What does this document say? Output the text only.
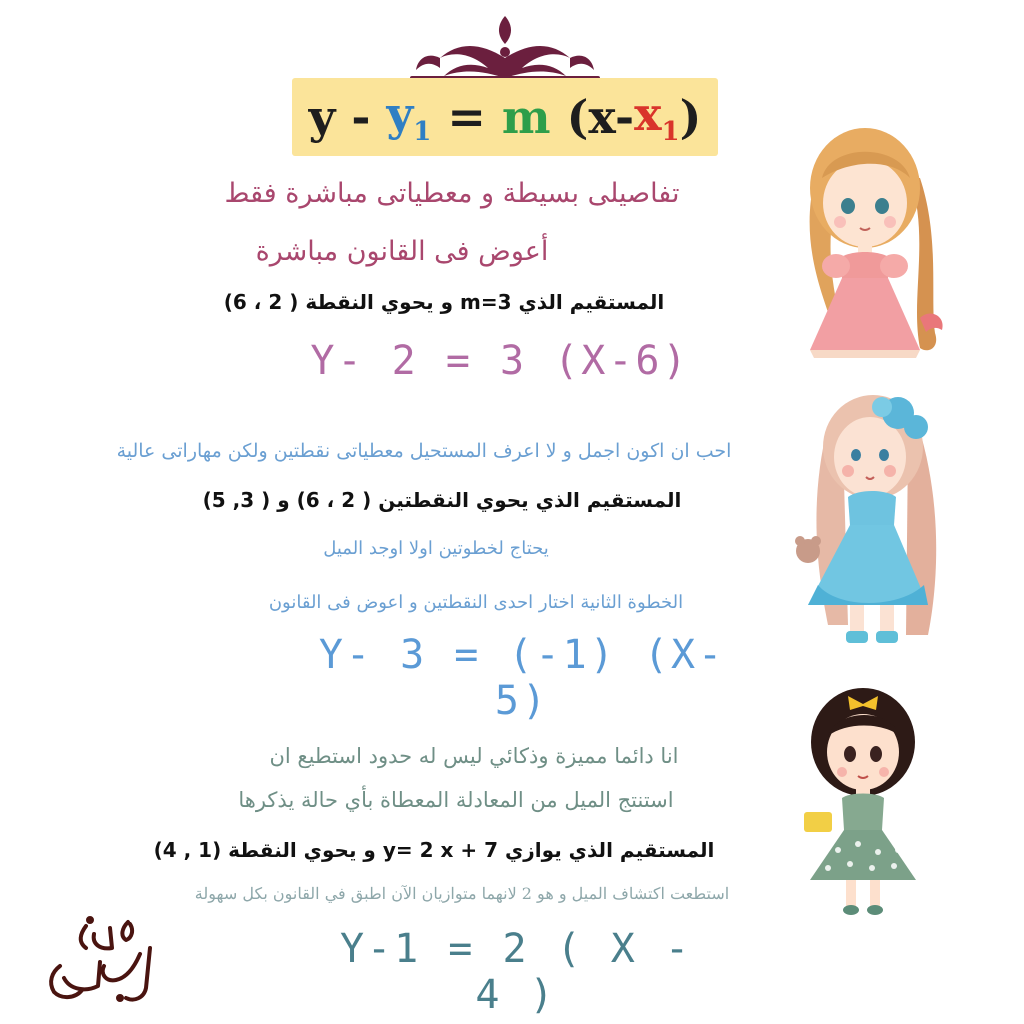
$y - y_1 = m$ (x- $x_1$ )
تفاصيلى بسيطة و معطياتى مباشرة فقط
أعوض فى القانون مباشرة
المستقيم الذي m=3 و يحوي النقطة ( 2 ، 6)
Y- 2 = 3 (X-6)
احب ان اكون اجمل و لا اعرف المستحيل معطياتى نقطتين ولكن مهاراتى عالية
المستقيم الذي يحوي النقطتين ( 2 ، 6) و ( 3, 5)
يحتاج لخطوتين اولا اوجد الميل
الخطوة الثانية اختار احدى النقطتين و اعوض فى القانون
Y- 3 = (-1) (X-5)
انا دائما مميزة وذكائي ليس له حدود استطيع ان
استنتج الميل من المعادلة المعطاة بأي حالة يذكرها
المستقيم الذي يوازي 7 + y= 2 x و يحوي النقطة (1 , 4)
استطعت اكتشاف الميل و هو 2 لانهما متوازيان الآن اطبق في القانون بكل سهولة
Y-1 = 2 ( X - 4 )
